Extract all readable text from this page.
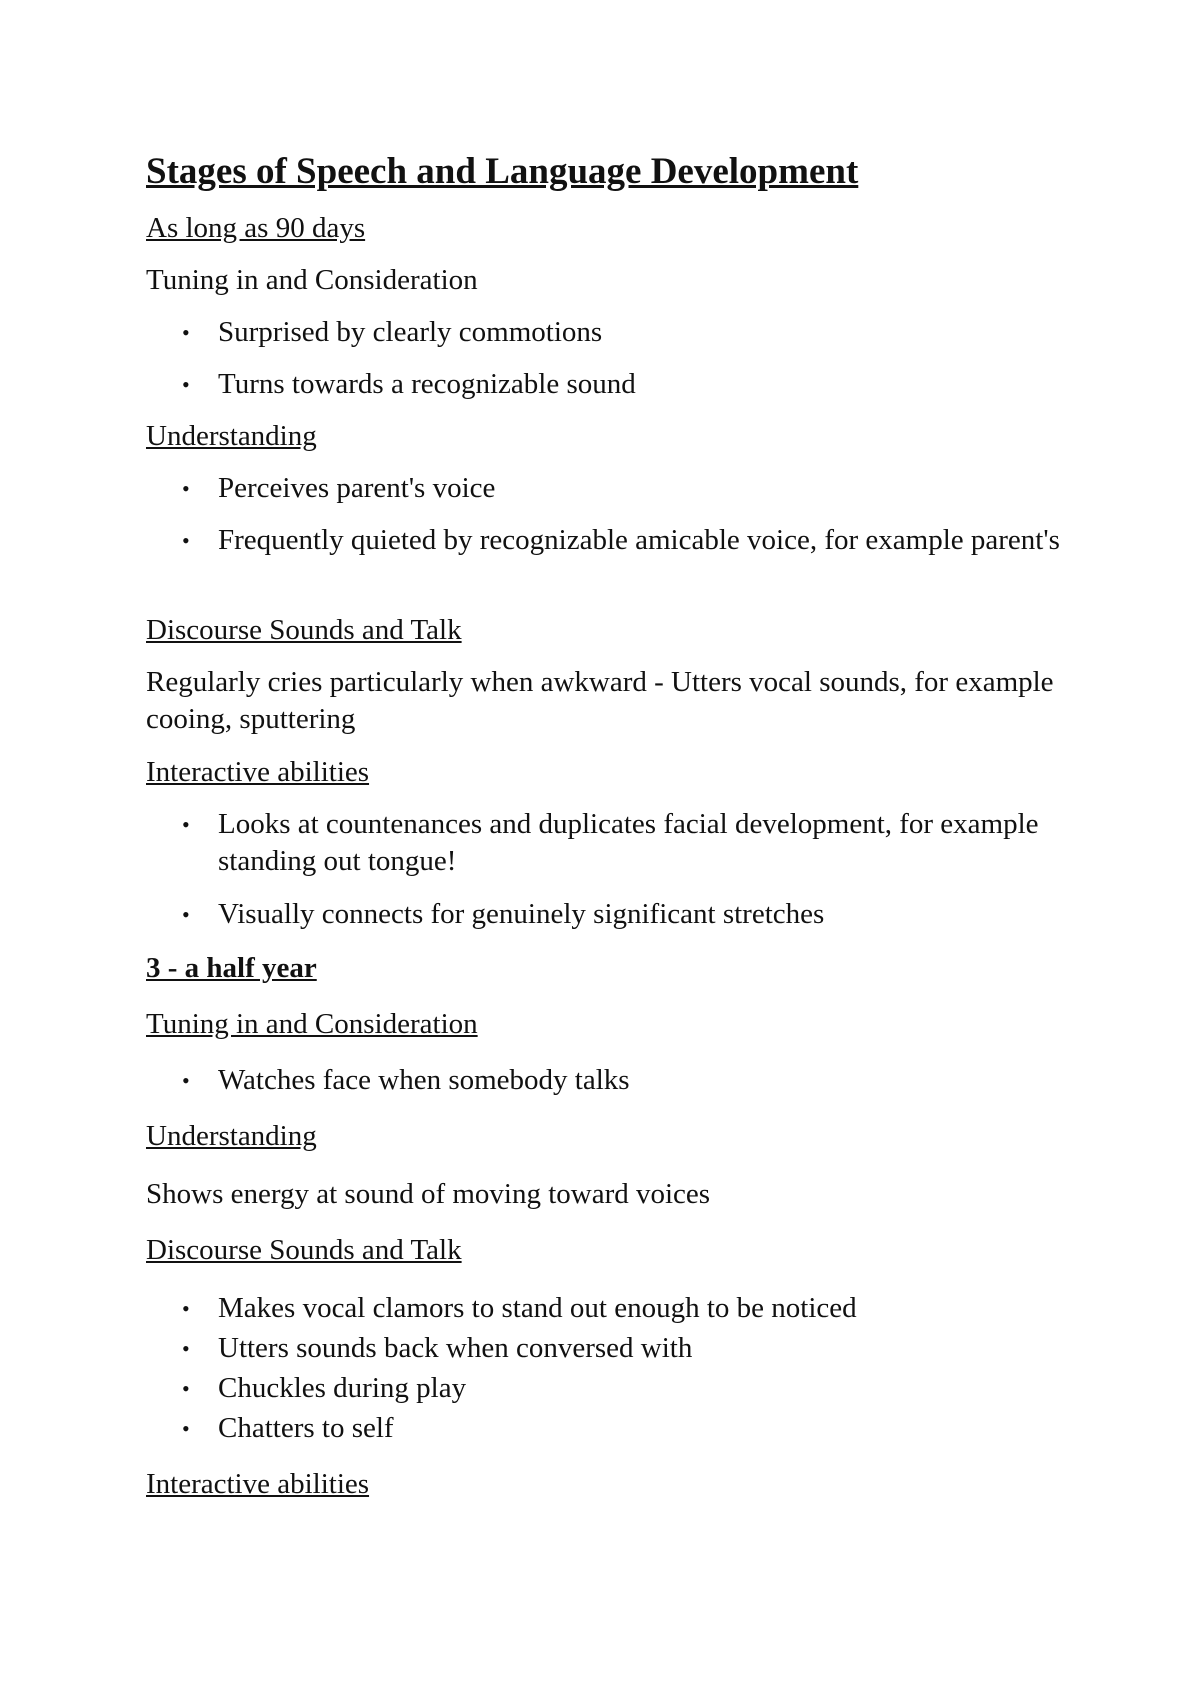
Stages of Speech and Language Development
As long as 90 days
Tuning in and Consideration
• Surprised by clearly commotions
• Turns towards a recognizable sound
Understanding
• Perceives parent's voice
• Frequently quieted by recognizable amicable voice, for example parent's
Discourse Sounds and Talk
Regularly cries particularly when awkward - Utters vocal sounds, for example cooing, sputtering
Interactive abilities
• Looks at countenances and duplicates facial development, for example standing out tongue!
• Visually connects for genuinely significant stretches
3 - a half year
Tuning in and Consideration
• Watches face when somebody talks
Understanding
Shows energy at sound of moving toward voices
Discourse Sounds and Talk
• Makes vocal clamors to stand out enough to be noticed
• Utters sounds back when conversed with
• Chuckles during play
• Chatters to self
Interactive abilities
